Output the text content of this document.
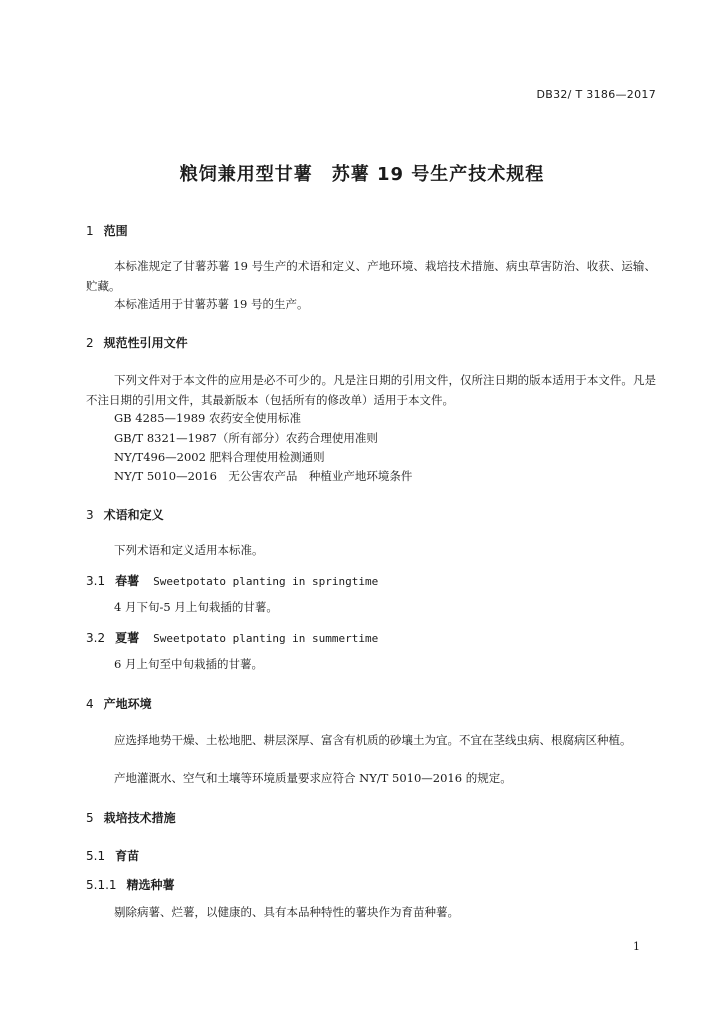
DB32/ T 3186—2017
粮饲兼用型甘薯　苏薯 19 号生产技术规程
1 范围
本标准规定了甘薯苏薯 19 号生产的术语和定义、产地环境、栽培技术措施、病虫草害防治、收获、运输、贮藏。
本标准适用于甘薯苏薯 19 号的生产。
2 规范性引用文件
下列文件对于本文件的应用是必不可少的。凡是注日期的引用文件，仅所注日期的版本适用于本文件。凡是不注日期的引用文件，其最新版本（包括所有的修改单）适用于本文件。
GB 4285—1989 农药安全使用标准
GB/T 8321—1987（所有部分）农药合理使用准则
NY/T496—2002 肥料合理使用检测通则
NY/T 5010—2016　无公害农产品　种植业产地环境条件
3 术语和定义
下列术语和定义适用本标准。
3.1 春薯 Sweetpotato planting in springtime
4 月下旬-5 月上旬栽插的甘薯。
3.2 夏薯 Sweetpotato planting in summertime
6 月上旬至中旬栽插的甘薯。
4 产地环境
应选择地势干燥、土松地肥、耕层深厚、富含有机质的砂壤土为宜。不宜在茎线虫病、根腐病区种植。
产地灌溉水、空气和土壤等环境质量要求应符合 NY/T 5010—2016 的规定。
5 栽培技术措施
5.1 育苗
5.1.1 精选种薯
剔除病薯、烂薯，以健康的、具有本品种特性的薯块作为育苗种薯。
1
